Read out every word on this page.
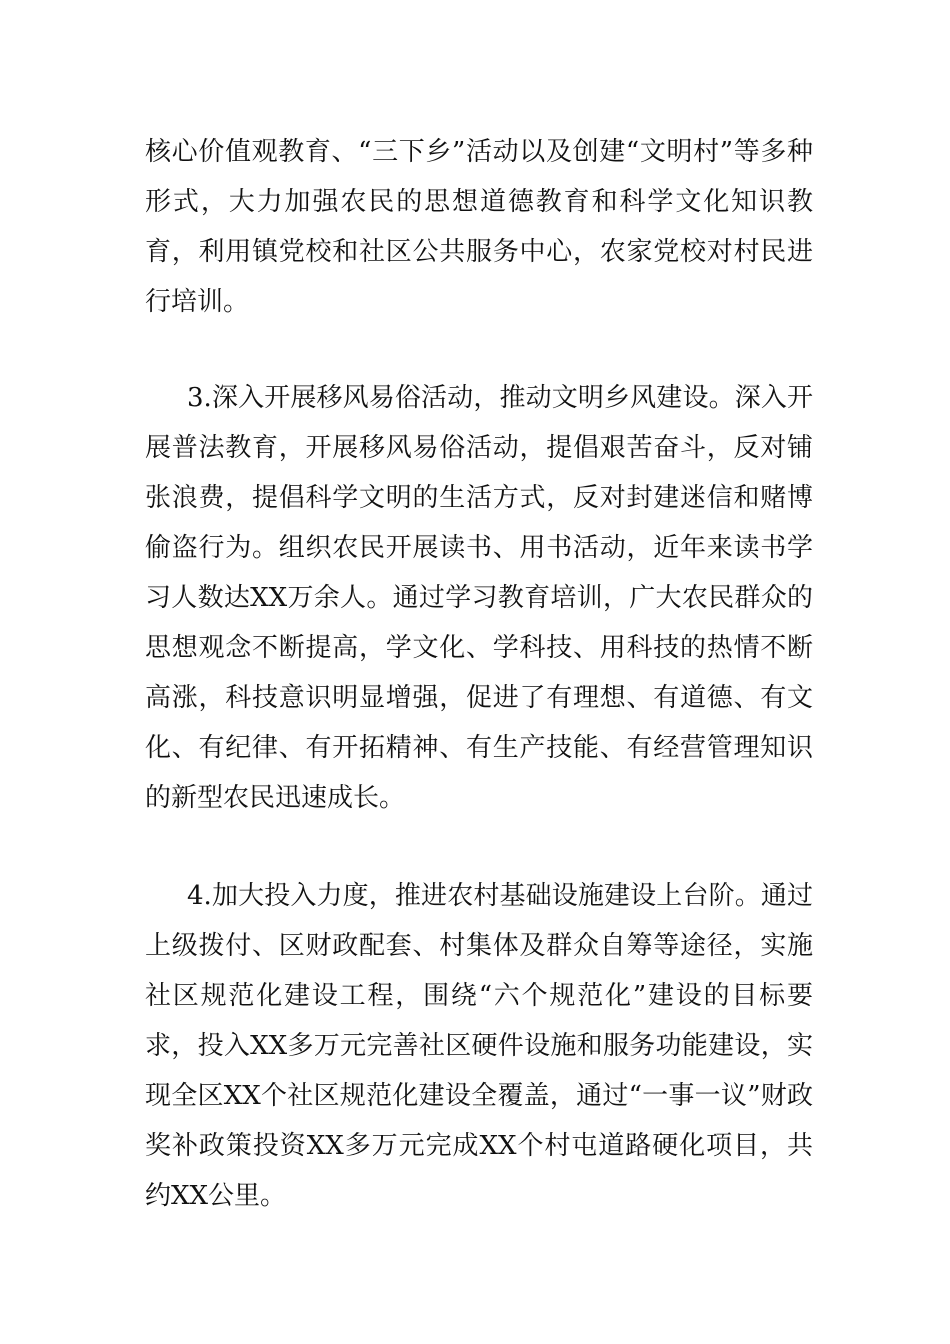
核心价值观教育、“三下乡”活动以及创建“文明村”等多种形式，大力加强农民的思想道德教育和科学文化知识教育，利用镇党校和社区公共服务中心，农家党校对村民进行培训。

3.深入开展移风易俗活动，推动文明乡风建设。深入开展普法教育，开展移风易俗活动，提倡艰苦奋斗，反对铺张浪费，提倡科学文明的生活方式，反对封建迷信和赌博偷盗行为。组织农民开展读书、用书活动，近年来读书学习人数达XX万余人。通过学习教育培训，广大农民群众的思想观念不断提高，学文化、学科技、用科技的热情不断高涨，科技意识明显增强，促进了有理想、有道德、有文化、有纪律、有开拓精神、有生产技能、有经营管理知识的新型农民迅速成长。

4.加大投入力度，推进农村基础设施建设上台阶。通过上级拨付、区财政配套、村集体及群众自筹等途径，实施社区规范化建设工程，围绕“六个规范化”建设的目标要求，投入XX多万元完善社区硬件设施和服务功能建设，实现全区XX个社区规范化建设全覆盖，通过“一事一议”财政奖补政策投资XX多万元完成XX个村屯道路硬化项目，共约XX公里。
